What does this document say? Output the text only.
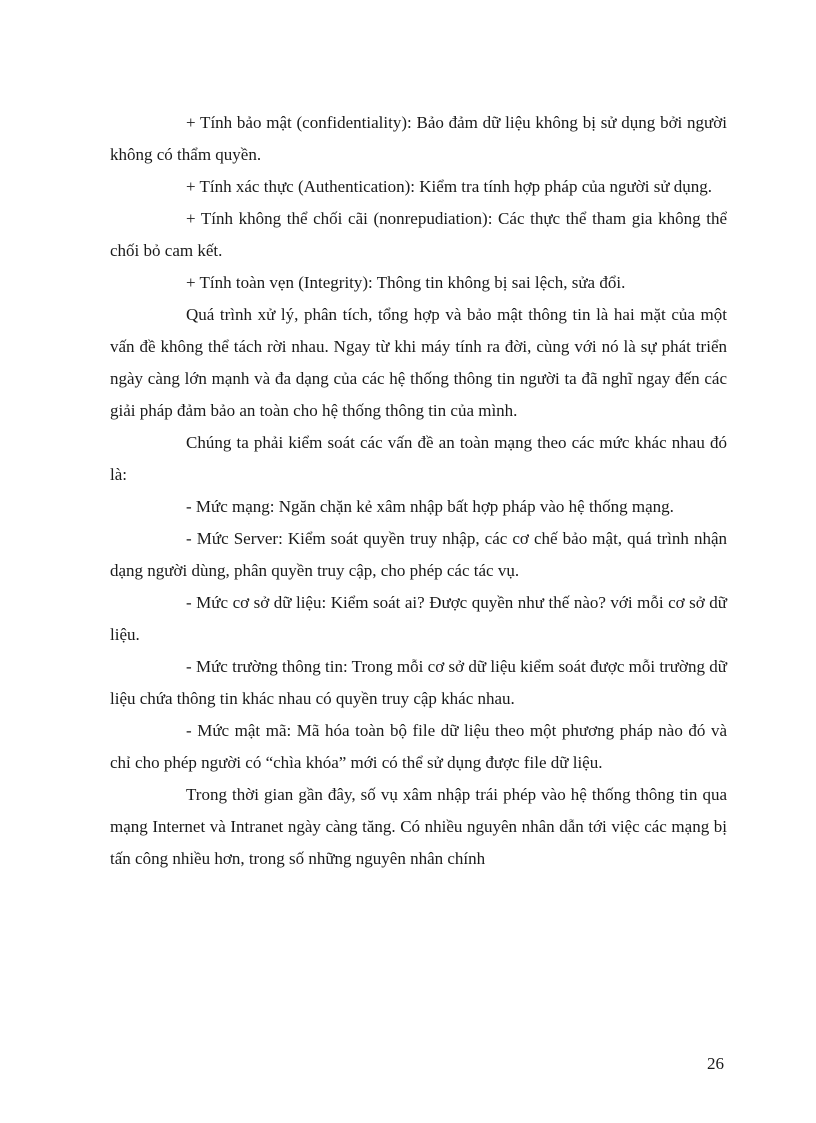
+ Tính bảo mật (confidentiality): Bảo đảm dữ liệu không bị sử dụng bởi người không có thẩm quyền.

+ Tính xác thực (Authentication): Kiểm tra tính hợp pháp của người sử dụng.

+ Tính không thể chối cãi (nonrepudiation): Các thực thể tham gia không thể chối bỏ cam kết.

+ Tính toàn vẹn (Integrity): Thông tin không bị sai lệch, sửa đổi.

Quá trình xử lý, phân tích, tổng hợp và bảo mật thông tin là hai mặt của một vấn đề không thể tách rời nhau. Ngay từ khi máy tính ra đời, cùng với nó là sự phát triển ngày càng lớn mạnh và đa dạng của các hệ thống thông tin người ta đã nghĩ ngay đến các giải pháp đảm bảo an toàn cho hệ thống thông tin của mình.

Chúng ta phải kiểm soát các vấn đề an toàn mạng theo các mức khác nhau đó là:

- Mức mạng: Ngăn chặn kẻ xâm nhập bất hợp pháp vào hệ thống mạng.

- Mức Server: Kiểm soát quyền truy nhập, các cơ chế bảo mật, quá trình nhận dạng người dùng, phân quyền truy cập, cho phép các tác vụ.

- Mức cơ sở dữ liệu: Kiểm soát ai? Được quyền như thế nào? với mỗi cơ sở dữ liệu.

- Mức trường thông tin: Trong mỗi cơ sở dữ liệu kiểm soát được mỗi trường dữ liệu chứa thông tin khác nhau có quyền truy cập khác nhau.

- Mức mật mã: Mã hóa toàn bộ file dữ liệu theo một phương pháp nào đó và chỉ cho phép người có “chìa khóa” mới có thể sử dụng được file dữ liệu.

Trong thời gian gần đây, số vụ xâm nhập trái phép vào hệ thống thông tin qua mạng Internet và Intranet ngày càng tăng. Có nhiều nguyên nhân dẫn tới việc các mạng bị tấn công nhiều hơn, trong số những nguyên nhân chính

26
